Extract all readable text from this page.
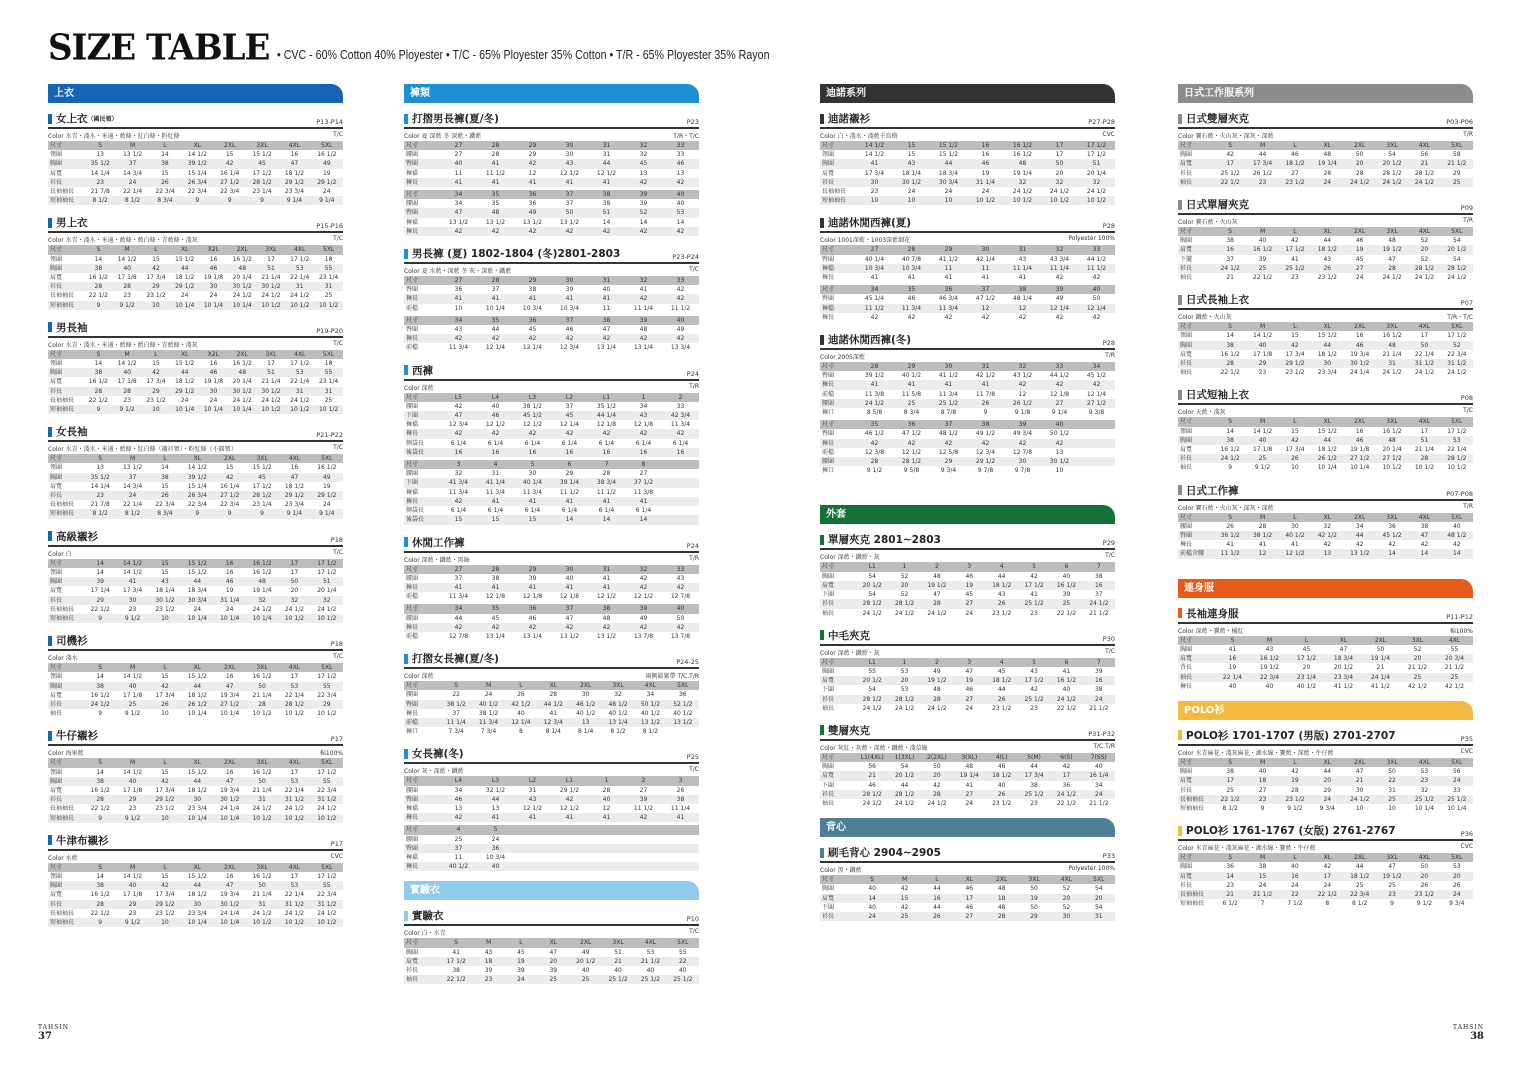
SIZE TABLE • CVC - 60% Cotton 40% Ployester • T/C - 65% Ployester 35% Cotton • T/R - 65% Ployester 35% Rayon
上衣
女上衣 （國民領）	P13-P14
Color 水青・淺水・米通・藍條・紅白條・粉紅條	T/C
尺寸	S	M	L	XL	2XL	3XL	4XL	5XL
領圍	13	13 1/2	14	14 1/2	15	15 1/2	16	16 1/2
胸圍	35 1/2	37	38	39 1/2	42	45	47	49
肩寬	14 1/4	14 3/4	15	15 1/4	16 1/4	17 1/2	18 1/2	19
衫長	23	24	26	26 3/4	27 1/2	28 1/2	29 1/2	29 1/2
長袖袖長	21 7/8	22 1/4	22 3/4	22 3/4	22 3/4	23 1/4	23 3/4	24
短袖袖長	8 1/2	8 1/2	8 3/4	9	9	9	9 1/4	9 1/4
男上衣	P15-P16
Color 水青・淺水・米通・藍條・藍白條・青藍條・淺灰	T/C
尺寸	S	M	L	XL	X2L	2XL	3XL	4XL	5XL
領圍	14	14 1/2	15	15 1/2	16	16 1/2	17	17 1/2	18
胸圍	38	40	42	44	46	48	51	53	55
肩寬	16 1/2	17 1/8	17 3/4	18 1/2	19 1/8	20 1/4	21 1/4	22 1/4	23 1/4
衫長	28	28	29	29 1/2	30	30 1/2	30 1/2	31	31
長袖袖長	22 1/2	23	23 1/2	24	24	24 1/2	24 1/2	24 1/2	25
短袖袖長	9	9 1/2	10	10 1/4	10 1/4	10 1/4	10 1/2	10 1/2	10 1/2
男長袖	P19-P20
Color 水青・淺水・米通・藍條・藍白條・青藍條・淺灰	T/C
尺寸	S	M	L	XL	X2L	2XL	3XL	4XL	5XL
領圍	14	14 1/2	15	15 1/2	16	16 1/2	17	17 1/2	18
胸圍	38	40	42	44	46	48	51	53	55
肩寬	16 1/2	17 1/8	17 3/4	18 1/2	19 1/8	20 1/4	21 1/4	22 1/4	23 1/4
衫長	28	28	29	29 1/2	30	30 1/2	30 1/2	31	31
長袖袖長	22 1/2	23	23 1/2	24	24	24 1/2	24 1/2	24 1/2	25
短袖袖長	9	9 1/2	10	10 1/4	10 1/4	10 1/4	10 1/2	10 1/2	10 1/2
女長袖	P21-P22
Color 水青・淺水・米通・藍條・紅白條（襯衫領）・粉紅條（小圓領）	T/C
尺寸	S	M	L	XL	2XL	3XL	4XL	5XL
領圍	13	13 1/2	14	14 1/2	15	15 1/2	16	16 1/2
胸圍	35 1/2	37	38	39 1/2	42	45	47	49
肩寬	14 1/4	14 3/4	15	15 1/4	16 1/4	17 1/2	18 1/2	19
衫長	23	24	26	26 3/4	27 1/2	28 1/2	29 1/2	29 1/2
長袖袖長	21 7/8	22 1/4	22 3/4	22 3/4	22 3/4	23 1/4	23 3/4	24
短袖袖長	8 1/2	8 1/2	8 3/4	9	9	9	9 1/4	9 1/4
高級襯衫	P18
Color 白	T/C
尺寸	14	14 1/2	15	15 1/2	16	16 1/2	17	17 1/2
領圍	14	14 1/2	15	15 1/2	16	16 1/2	17	17 1/2
胸圍	39	41	43	44	46	48	50	51
肩寬	17 1/4	17 3/4	18 1/4	18 3/4	19	19 1/4	20	20 1/4
衫長	29	30	30 1/2	30 3/4	31 1/4	32	32	32
長袖袖長	22 1/2	23	23 1/2	24	24	24 1/2	24 1/2	24 1/2
短袖袖長	9	9 1/2	10	10 1/4	10 1/4	10 1/4	10 1/2	10 1/2
司機衫	P18
Color 淺水	T/C
尺寸	S	M	L	XL	2XL	3XL	4XL	5XL
領圍	14	14 1/2	15	15 1/2	16	16 1/2	17	17 1/2
胸圍	38	40	42	44	47	50	53	55
肩寬	16 1/2	17 1/8	17 3/4	18 1/2	19 3/4	21 1/4	22 1/4	22 3/4
衫長	24 1/2	25	26	26 1/2	27 1/2	28	28 1/2	29
袖長	9	9 1/2	10	10 1/4	10 1/4	10 1/2	10 1/2	10 1/2
牛仔襯衫	P17
Color 海軍藍	棉100%
尺寸	S	M	L	XL	2XL	3XL	4XL	5XL
領圍	14	14 1/2	15	15 1/2	16	16 1/2	17	17 1/2
胸圍	38	40	42	44	47	50	53	55
肩寬	16 1/2	17 1/8	17 3/4	18 1/2	19 3/4	21 1/4	22 1/4	22 3/4
衫長	28	29	29 1/2	30	30 1/2	31	31 1/2	31 1/2
長袖袖長	22 1/2	23	23 1/2	23 3/4	24 1/4	24 1/2	24 1/2	24 1/2
短袖袖長	9	9 1/2	10	10 1/4	10 1/4	10 1/2	10 1/2	10 1/2
牛津布襯衫	P17
Color 水藍	CVC
尺寸	S	M	L	XL	2XL	3XL	4XL	5XL
領圍	14	14 1/2	15	15 1/2	16	16 1/2	17	17 1/2
胸圍	38	40	42	44	47	50	53	55
肩寬	16 1/2	17 1/8	17 3/4	18 1/2	19 3/4	21 1/4	22 1/4	22 3/4
衫長	28	29	29 1/2	30	30 1/2	31	31 1/2	31 1/2
長袖袖長	22 1/2	23	23 1/2	23 3/4	24 1/4	24 1/2	24 1/2	24 1/2
短袖袖長	9	9 1/2	10	10 1/4	10 1/4	10 1/2	10 1/2	10 1/2
褲類
打摺男長褲(夏/冬)	P23
Color 夏 深藍 冬 深藍・鐵藍	T/R・T/C
尺寸	27	28	29	30	31	32	33
腰圍	27	28	29	30	31	32	33
臀圍	40	41	42	43	44	45	46
褲襠	11	11 1/2	12	12 1/2	12 1/2	13	13
褲長	41	41	41	41	41	42	42
尺寸	34	35	36	37	38	39	40
腰圍	34	35	36	37	38	39	40
臀圍	47	48	49	50	51	52	53
褲襠	13 1/2	13 1/2	13 1/2	13 1/2	14	14	14
褲長	42	42	42	42	42	42	42
男長褲 (夏) 1802-1804 (冬)2801-2803	P23-P24
Color 夏 水藍・深藍 冬 灰・深藍・鐵藍	T/C
尺寸	27	28	29	30	31	32	33
臀圍	36	37	38	39	40	41	42
褲長	41	41	41	41	41	42	42
前檔	10	10 1/4	10 3/4	10 3/4	11	11 1/4	11 1/2
尺寸	34	35	36	37	38	39	40
臀圍	43	44	45	46	47	48	49
褲長	42	42	42	42	42	42	42
前檔	11 3/4	12 1/4	12 1/4	12 3/4	13 1/4	13 1/4	13 3/4
西褲	P24
Color 深藍	T/R
尺寸	L5	L4	L3	L2	L1	1	2
腰圍	42	40	38 1/2	37	35 1/2	34	33
下圍	47	46	45 1/2	45	44 1/4	43	42 3/4
褲襠	12 3/4	12 1/2	12 1/2	12 1/4	12 1/8	12 1/8	11 3/4
褲長	42	42	42	42	42	42	42
側袋長	6 1/4	6 1/4	6 1/4	6 1/4	6 1/4	6 1/4	6 1/4
後袋長	16	16	16	16	16	16	16
尺寸	3	4	5	6	7	8	
腰圍	32	31	30	29	28	27	
下圍	41 3/4	41 1/4	40 1/4	39 1/4	38 3/4	37 1/2	
褲襠	11 3/4	11 3/4	11 3/4	11 1/2	11 1/2	11 3/8	
褲長	42	41	41	41	41	41	
側袋長	6 1/4	6 1/4	6 1/4	6 1/4	6 1/4	6 1/4	
後袋長	15	15	15	14	14	14	
休閒工作褲	P24
Color 深藍・鐵藍・黑綠	T/R
尺寸	27	28	29	30	31	32	33
腰圍	37	38	39	40	41	42	43
褲長	41	41	41	41	41	42	42
前檔	11 3/4	12 1/8	12 1/8	12 1/8	12 1/2	12 1/2	12 7/8
尺寸	34	35	36	37	38	39	40
腰圍	44	45	46	47	48	49	50
褲長	42	42	42	42	42	42	42
前檔	12 7/8	13 1/4	13 1/4	13 1/2	13 1/2	13 7/8	13 7/8
打摺女長褲(夏/冬)	P24-25
Color 深藍	兩側鬆緊帶 T/C.T/R
尺寸	S	M	L	XL	2XL	3XL	4XL	5XL
腰圍	22	24	26	28	30	32	34	36
臀圍	38 1/2	40 1/2	42 1/2	44 1/2	46 1/2	48 1/2	50 1/2	52 1/2
褲長	37	38 1/2	40	41	40 1/2	40 1/2	40 1/2	40 1/2
前檔	11 1/4	11 3/4	12 1/4	12 3/4	13	13 1/4	13 1/2	13 1/2
褲口	7 3/4	7 3/4	8	8 1/4	8 1/4	8 1/2	8 1/2	
女長褲(冬)	P25
Color 灰・深藍・鐵藍	T/C
尺寸	L4	L3	L2	L1	1	2	3
腰圍	34	32 1/2	31	29 1/2	28	27	26
臀圍	46	44	43	42	40	39	38
褲襠	13	13	12 1/2	12 1/2	12	11 1/2	11 1/4
褲長	42	41	41	41	41	42	41
尺寸	4	5					
腰圍	25	24					
臀圍	37	36					
褲襠	11	10 3/4					
褲長	40 1/2	40					
實驗衣
實驗衣	P10
Color 白・水青	T/C
尺寸	S	M	L	XL	2XL	3XL	4XL	5XL
胸圍	41	43	45	47	49	51	53	55
肩寬	17 1/2	18	19	20	20 1/2	21	21 1/2	22
衫長	38	39	39	39	40	40	40	40
袖長	22 1/2	23	24	25	25	25 1/2	25 1/2	25 1/2
迪諾系列
迪諾襯衫	P27-P28
Color 白・淺水・淺藍千鳥格	CVC
尺寸	14 1/2	15	15 1/2	16	16 1/2	17	17 1/2
領圍	14 1/2	15	15 1/2	16	16 1/2	17	17 1/2
胸圍	41	43	44	46	48	50	51
肩寬	17 3/4	18 1/4	18 3/4	19	19 1/4	20	20 1/4
衫長	30	30 1/2	30 3/4	31 1/4	32	32	32
長袖袖長	23	24	24	24	24 1/2	24 1/2	24 1/2
短袖袖長	10	10	10	10 1/2	10 1/2	10 1/2	10 1/2
迪諾休閒西褲(夏)	P28
Color 1001深藍・1003深藍細花	Polyester 100%
尺寸	27	28	29	30	31	32	33
臀圍	40 1/4	40 7/8	41 1/2	42 1/4	43	43 3/4	44 1/2
褲檔	10 3/4	10 3/4	11	11	11 1/4	11 1/4	11 1/2
褲長	41	41	41	41	41	42	42
尺寸	34	35	36	37	38	39	40
臀圍	45 1/4	46	46 3/4	47 1/2	48 1/4	49	50
褲檔	11 1/2	11 3/4	11 3/4	12	12	12 1/4	12 1/4
褲長	42	42	42	42	42	42	42
迪諾休閒西褲(冬)	P28
Color 2005深藍	T/R
尺寸	28	29	30	31	32	33	34
臀圍	39 1/2	40 1/2	41 1/2	42 1/2	43 1/2	44 1/2	45 1/2
褲長	41	41	41	41	42	42	42
前檔	11 3/8	11 5/8	11 3/4	11 7/8	12	12 1/8	12 1/4
腰圍	24 1/2	25	25 1/2	26	26 1/2	27	27 1/2
褲口	8 5/8	8 3/4	8 7/8	9	9 1/8	9 1/4	9 3/8
尺寸	35	36	37	38	39	40	
臀圍	46 1/2	47 1/2	48 1/2	49 1/2	49 3/4	50 1/2	
褲長	42	42	42	42	42	42	
前檔	12 3/8	12 1/2	12 5/8	12 3/4	12 7/8	13	
腰圍	28	28 1/2	29	29 1/2	30	30 1/2	
褲口	9 1/2	9 5/8	9 3/4	9 7/8	9 7/8	10	
外套
單層夾克 2801~2803	P29
Color 深藍・鐵藍・灰	T/C
尺寸	L1	1	2	3	4	5	6	7
胸圍	54	52	48	46	44	42	40	38
肩寬	20 1/2	20	19 1/2	19	18 1/2	17 1/2	16 1/2	16
下圍	54	52	47	45	43	41	39	37
衫長	28 1/2	28 1/2	28	27	26	25 1/2	25	24 1/2
袖長	24 1/2	24 1/2	24 1/2	24	23 1/2	23	22 1/2	21 1/2
中毛夾克	P30
Color 深藍・鐵藍・灰	T/C
尺寸	L1	1	2	3	4	5	6	7
胸圍	55	53	49	47	45	43	41	39
肩寬	20 1/2	20	19 1/2	19	18 1/2	17 1/2	16 1/2	16
下圍	54	53	48	46	44	42	40	38
衫長	28 1/2	28 1/2	28	27	26	25 1/2	24 1/2	24
袖長	24 1/2	24 1/2	24 1/2	24	23 1/2	23	22 1/2	21 1/2
雙層夾克	P31-P32
Color 灰紅・灰藍・深藍・鐵藍・淺草綠	T/C.T/R
尺寸	L1(4XL)	1(3XL)	2(2XL)	3(XL)	4(L)	5(M)	6(S)	7(SS)
胸圍	56	54	50	48	46	44	42	40
肩寬	21	20 1/2	20	19 1/4	18 1/2	17 3/4	17	16 1/4
下圍	46	44	42	41	40	38	36	34
衫長	28 1/2	28 1/2	28	27	26	25 1/2	24 1/2	24
袖長	24 1/2	24 1/2	24 1/2	24	23 1/2	23	22 1/2	21 1/2
背心
刷毛背心 2904~2905	P33
Color 黑・鐵藍	Polyester 100%
尺寸	S	M	L	XL	2XL	3XL	4XL	5XL
胸圍	40	42	44	46	48	50	52	54
肩寬	14	15	16	17	18	19	20	20
下圍	40	42	44	46	48	50	52	54
衫長	24	25	26	27	28	29	30	31
日式工作服系列
日式雙層夾克	P03-P06
Color 寶石藍・火山灰・深灰・深藍	T/R
尺寸	S	M	L	XL	2XL	3XL	4XL	5XL
胸圍	42	44	46	48	50	54	56	58
肩寬	17	17 3/4	18 1/2	19 1/4	20	20 1/2	21	21 1/2
衫長	25 1/2	26 1/2	27	28	28	28 1/2	28 1/2	29
袖長	22 1/2	23	23 1/2	24	24 1/2	24 1/2	24 1/2	25
日式單層夾克	P09
Color 寶石藍・火山灰	T/R
尺寸	S	M	L	XL	2XL	3XL	4XL	5XL
胸圍	38	40	42	44	46	48	52	54
肩寬	16	16 1/2	17 1/2	18 1/2	19	19 1/2	20	20 1/2
下擺	37	39	41	43	45	47	52	54
衫長	24 1/2	25	25 1/2	26	27	28	28 1/2	28 1/2
袖長	21	22 1/2	23	23 1/2	24	24 1/2	24 1/2	24 1/2
日式長袖上衣	P07
Color 鐵藍・火山灰	T/R・T/C
尺寸	S	M	L	XL	2XL	3XL	4XL	5XL
領圍	14	14 1/2	15	15 1/2	16	16 1/2	17	17 1/2
胸圍	38	40	42	44	46	48	50	52
肩寬	16 1/2	17 1/8	17 3/4	18 1/2	19 3/4	21 1/4	22 1/4	22 3/4
衫長	28	29	29 1/2	30	30 1/2	31	31 1/2	31 1/2
袖長	22 1/2	23	23 1/2	23 3/4	24 1/4	24 1/2	24 1/2	24 1/2
日式短袖上衣	P08
Color 天藍・淺灰	T/C
尺寸	S	M	L	XL	2XL	3XL	4XL	5XL
領圍	14	14 1/2	15	15 1/2	16	16 1/2	17	17 1/2
胸圍	38	40	42	44	46	48	51	53
肩寬	16 1/2	17 1/8	17 3/4	18 1/2	19 1/8	20 1/4	21 1/4	22 1/4
衫長	24 1/2	25	26	26 1/2	27 1/2	27 1/2	28	28 1/2
袖長	9	9 1/2	10	10 1/4	10 1/4	10 1/2	10 1/2	10 1/2
日式工作褲	P07-P08
Color 寶石藍・火山灰・深灰・深藍	T/R
尺寸	S	M	L	XL	2XL	3XL	4XL	5XL
腰圍	26	28	30	32	34	36	38	40
臀圍	36 1/2	38 1/2	40 1/2	42 1/2	44	45 1/2	47	48 1/2
褲長	41	41	41	42	42	42	42	42
前檔含腰	11 1/2	12	12 1/2	13	13 1/2	14	14	14
連身服
長袖連身服	P11-P12
Color 深藍・寶藍・橘紅	棉100%
尺寸	S	M	L	XL	2XL	3XL	4XL
胸圍	41	43	45	47	50	52	55
肩寬	16	16 1/2	17 1/2	18 3/4	19 1/4	20	20 3/4
背長	19	19 1/2	20	20 1/2	21	21 1/2	21 1/2
袖長	22 1/4	22 3/4	23 1/4	23 3/4	24 1/4	25	25
褲長	40	40	40 1/2	41 1/2	41 1/2	42 1/2	42 1/2
POLO衫
POLO衫 1701-1707 (男版) 2701-2707	P35
Color 水青麻花・淺灰麻花・湖水綠・寶藍・深藍・牛仔藍	CVC
尺寸	S	M	L	XL	2XL	3XL	4XL	5XL
胸圍	38	40	42	44	47	50	53	56
肩寬	17	18	19	20	21	22	23	24
衫長	25	27	28	29	30	31	32	33
長袖袖長	22 1/2	23	23 1/2	24	24 1/2	25	25 1/2	25 1/2
短袖袖長	8 1/2	9	9 1/2	9 3/4	10	10	10 1/4	10 1/4
POLO衫 1761-1767 (女版) 2761-2767	P36
Color 水青麻花・淺灰麻花・湖水綠・寶藍・牛仔藍	CVC
尺寸	S	M	L	XL	2XL	3XL	4XL	5XL
胸圍	36	38	40	42	44	47	50	53
肩寬	14	15	16	17	18 1/2	19 1/2	20	20
衫長	23	24	24	24	25	25	26	26
長袖袖長	21	21 1/2	22	22 1/2	22 3/4	23	23 1/2	24
短袖袖長	6 1/2	7	7 1/2	8	8 1/2	9	9 1/2	9 3/4
TAHSIN
37
TAHSIN
38
